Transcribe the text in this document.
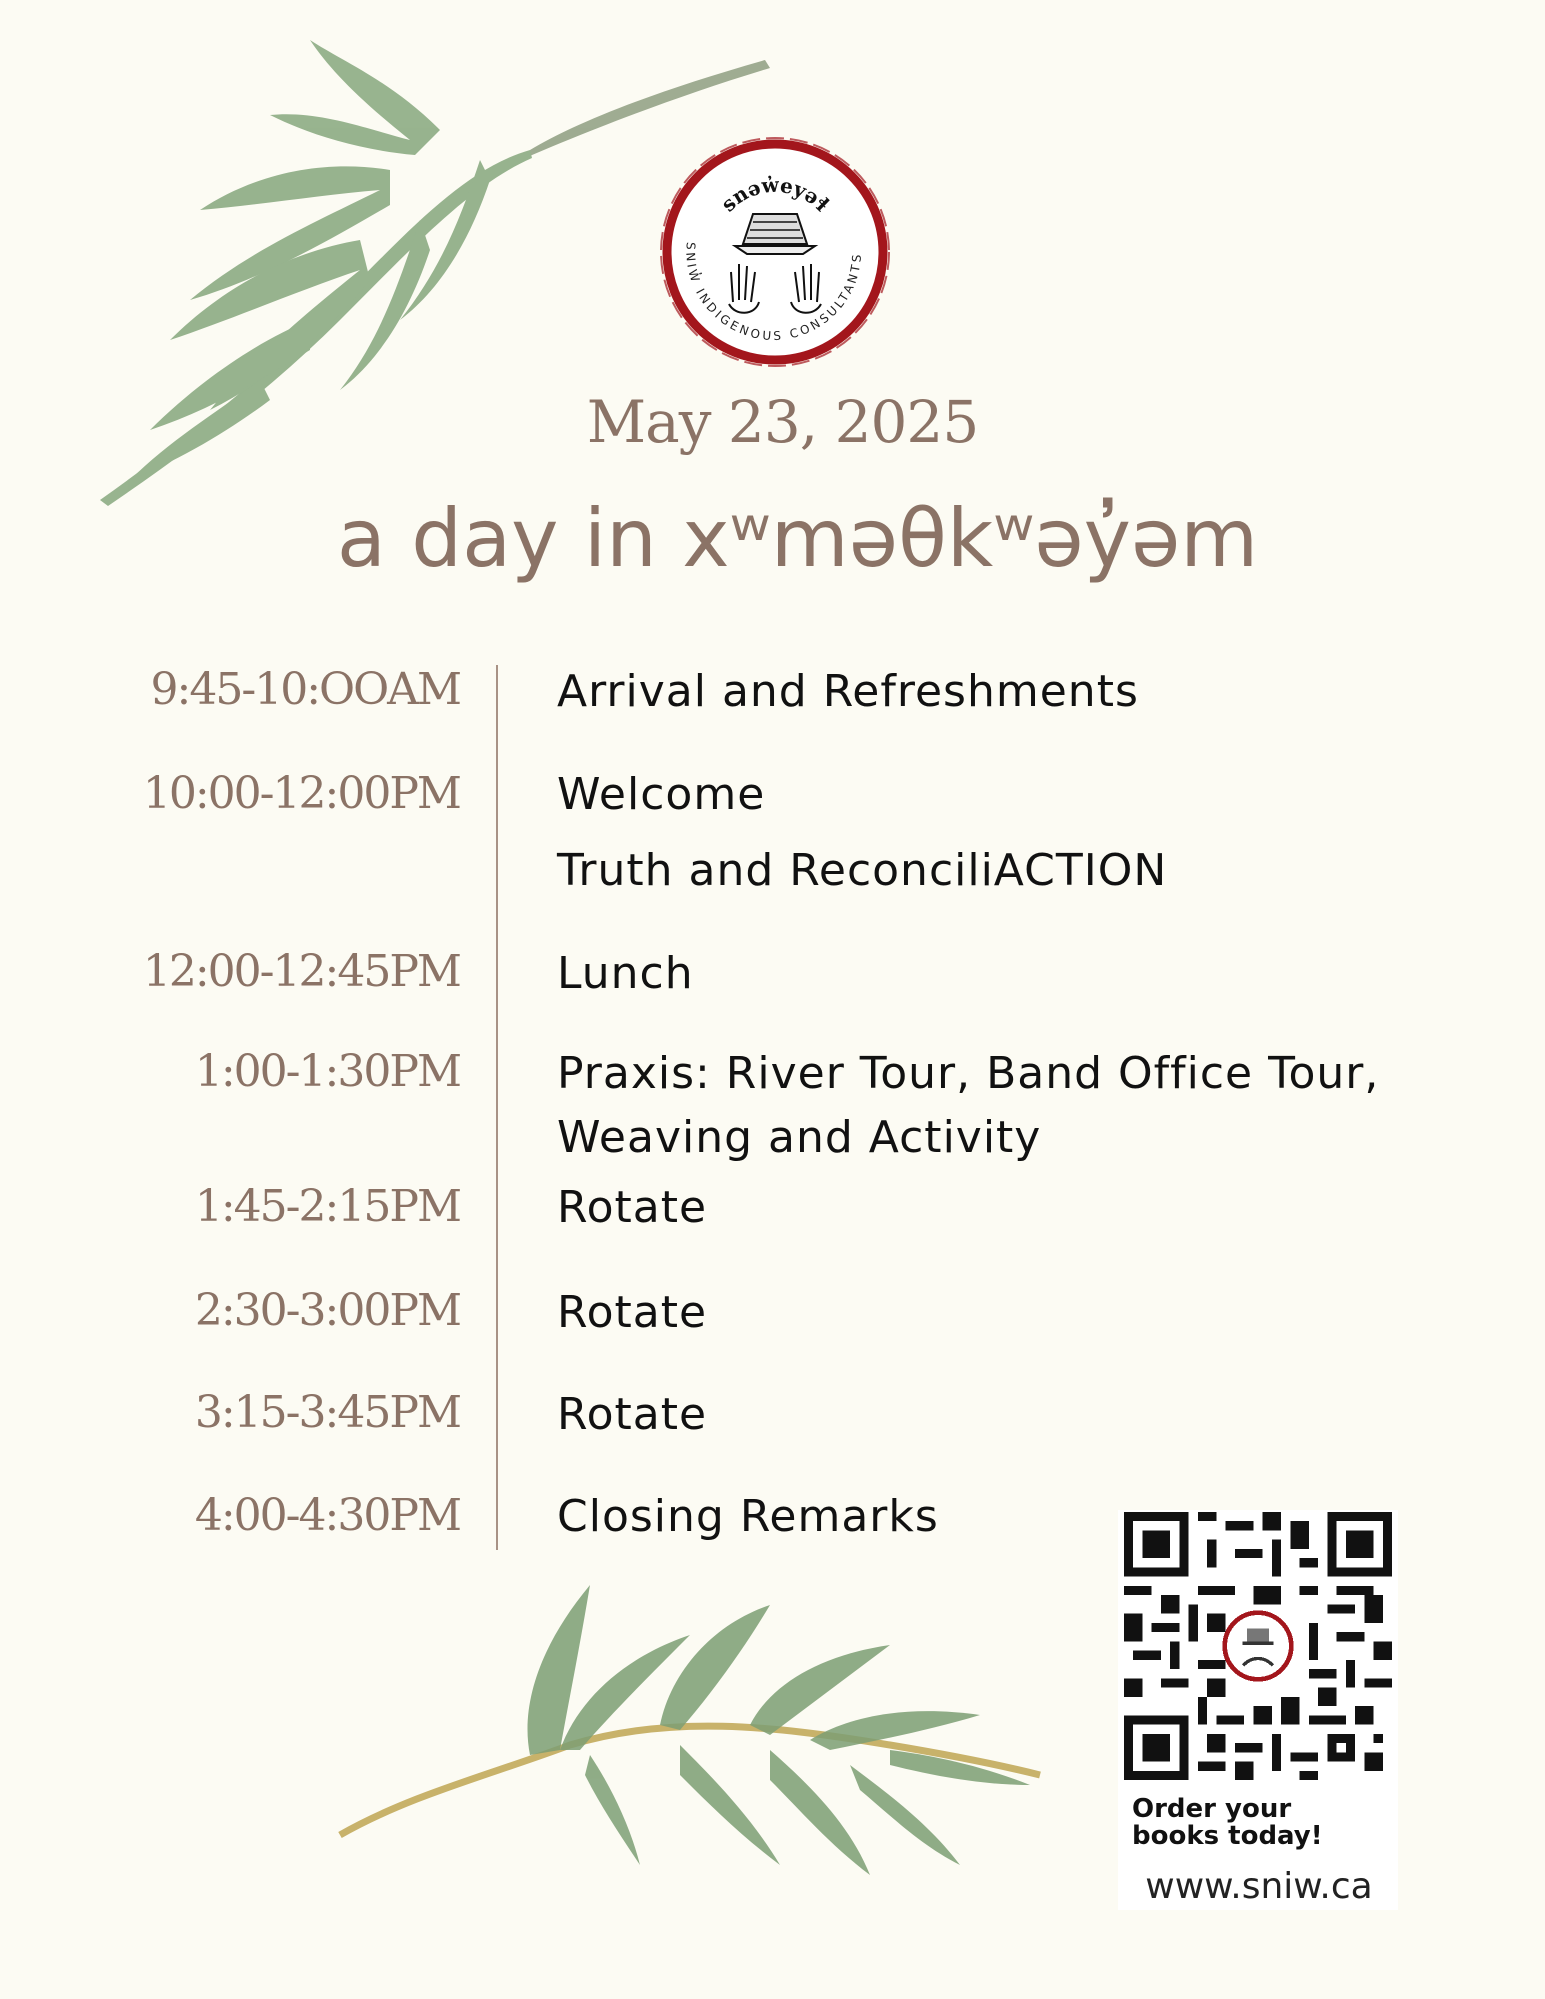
snəw̓eyəɬ
SNIW̓ INDIGENOUS CONSULTANTS
May 23, 2025
a day in xʷməθkʷəy̓əm
9:45-10:OOAM Arrival and Refreshments
10:00-12:00PM Welcome
Truth and ReconciliACTION
12:00-12:45PM Lunch
1:00-1:30PM Praxis: River Tour, Band Office Tour,
Weaving and Activity
1:45-2:15PM Rotate
2:30-3:00PM Rotate
3:15-3:45PM Rotate
4:00-4:30PM Closing Remarks
Order your
books today!
www.sniw.ca
